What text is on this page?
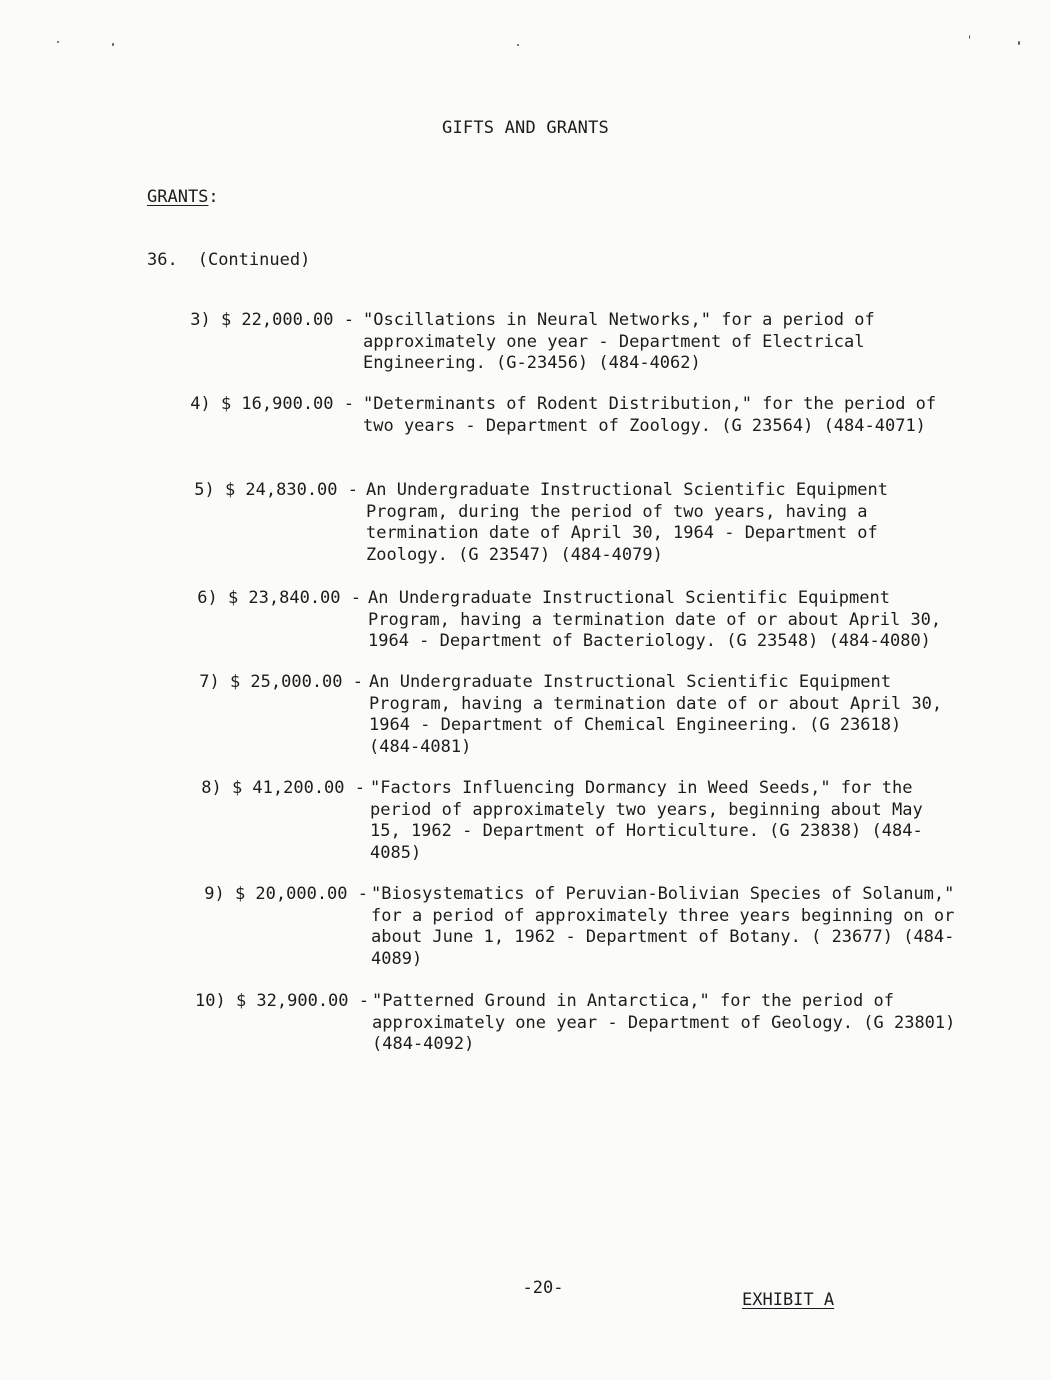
GIFTS AND GRANTS
GRANTS:
36. (Continued)
3) $ 22,000.00 - "Oscillations in Neural Networks," for a period of approximately one year - Department of Electrical Engineering. (G-23456) (484-4062)
4) $ 16,900.00 - "Determinants of Rodent Distribution," for the period of two years - Department of Zoology. (G 23564) (484-4071)
5) $ 24,830.00 - An Undergraduate Instructional Scientific Equipment Program, during the period of two years, having a termination date of April 30, 1964 - Department of Zoology. (G 23547) (484-4079)
6) $ 23,840.00 - An Undergraduate Instructional Scientific Equipment Program, having a termination date of or about April 30, 1964 - Department of Bacteriology. (G 23548) (484-4080)
7) $ 25,000.00 - An Undergraduate Instructional Scientific Equipment Program, having a termination date of or about April 30, 1964 - Department of Chemical Engineering. (G 23618) (484-4081)
8) $ 41,200.00 - "Factors Influencing Dormancy in Weed Seeds," for the period of approximately two years, beginning about May 15, 1962 - Department of Horticulture. (G 23838) (484-4085)
9) $ 20,000.00 - "Biosystematics of Peruvian-Bolivian Species of Solanum," for a period of approximately three years beginning on or about June 1, 1962 - Department of Botany. ( 23677) (484-4089)
10) $ 32,900.00 - "Patterned Ground in Antarctica," for the period of approximately one year - Department of Geology. (G 23801) (484-4092)
-20-
EXHIBIT A
